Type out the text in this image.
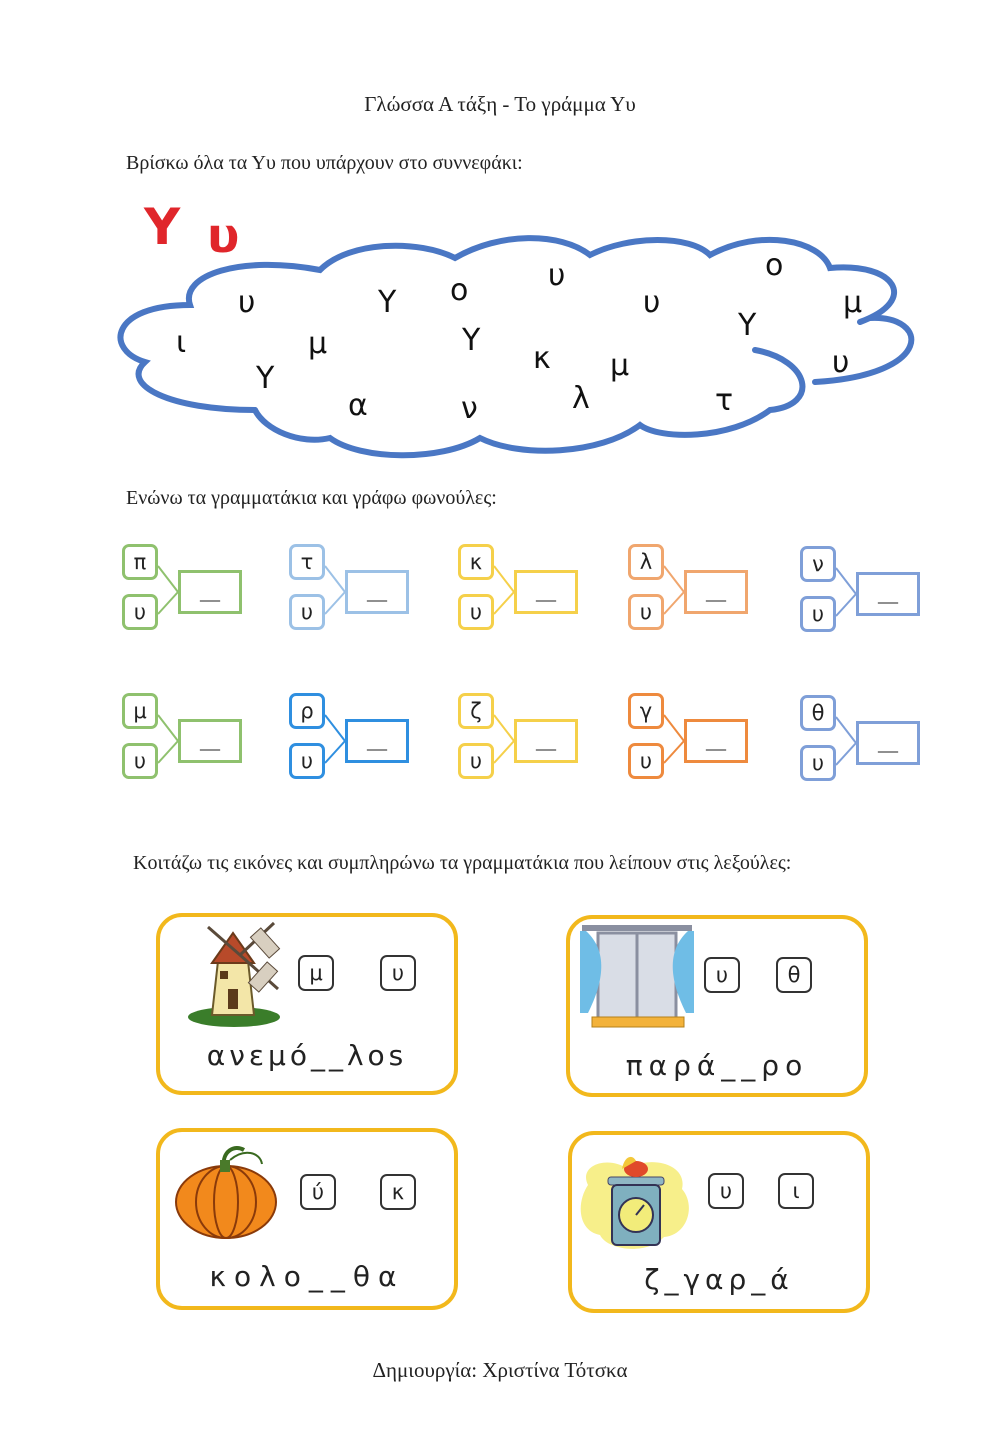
Γλώσσα Α τάξη - Το γράμμα Υυ
Βρίσκω όλα τα Υυ που υπάρχουν στο συννεφάκι:
Υ υ
ι υ	Υ ο	υ υ ο μ μ	Υ κ Υ υ Υ α	ν	λ μ τ
Ενώνω τα γραμματάκια και γράφω φωνούλες:
π
υ
__
τ
υ
__
κ
υ
__
λ
υ
__
ν
υ
__
μ
υ
__
ρ
υ
__
ζ
υ
__
γ
υ
__
θ
υ
__
Κοιτάζω τις εικόνες και συμπληρώνω τα γραμματάκια που λείπουν στις λεξούλες:
μ	υ
ανεμό__λοs
υ	θ
παρά__ρο
ύ	κ
κολο__θα
υ	ι
ζ_γαρ_ά
Δημιουργία: Χριστίνα Τότσκα
